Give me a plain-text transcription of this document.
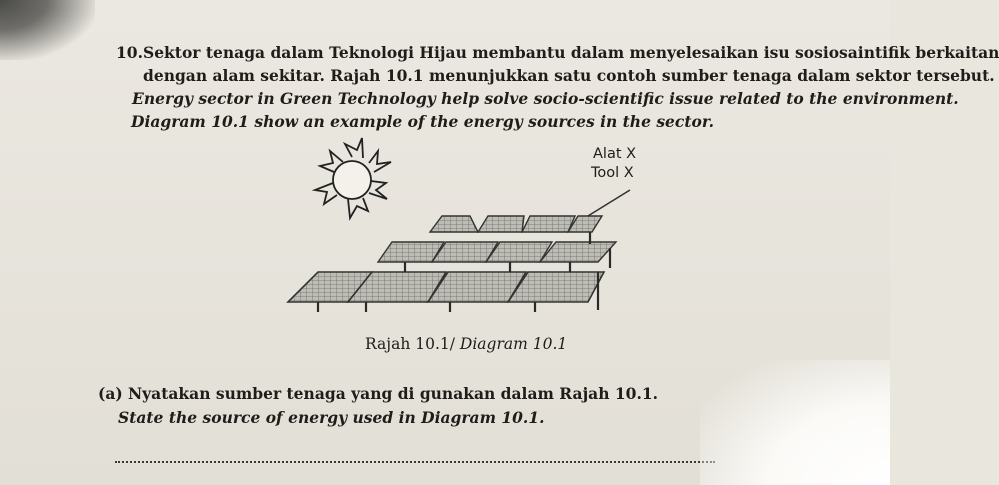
10. Sektor tenaga dalam Teknologi Hijau membantu dalam menyelesaikan isu sosiosaintifik berkaitan
dengan alam sekitar. Rajah 10.1 menunjukkan satu contoh sumber tenaga dalam sektor tersebut.
Energy sector in Green Technology help solve socio-scientific issue related to the environment.
Diagram 10.1 show an example of the energy sources in the sector.
Alat X
Tool X
Rajah 10.1/ Diagram 10.1
(a) Nyatakan sumber tenaga yang di gunakan dalam Rajah 10.1.
State the source of energy used in Diagram 10.1.
